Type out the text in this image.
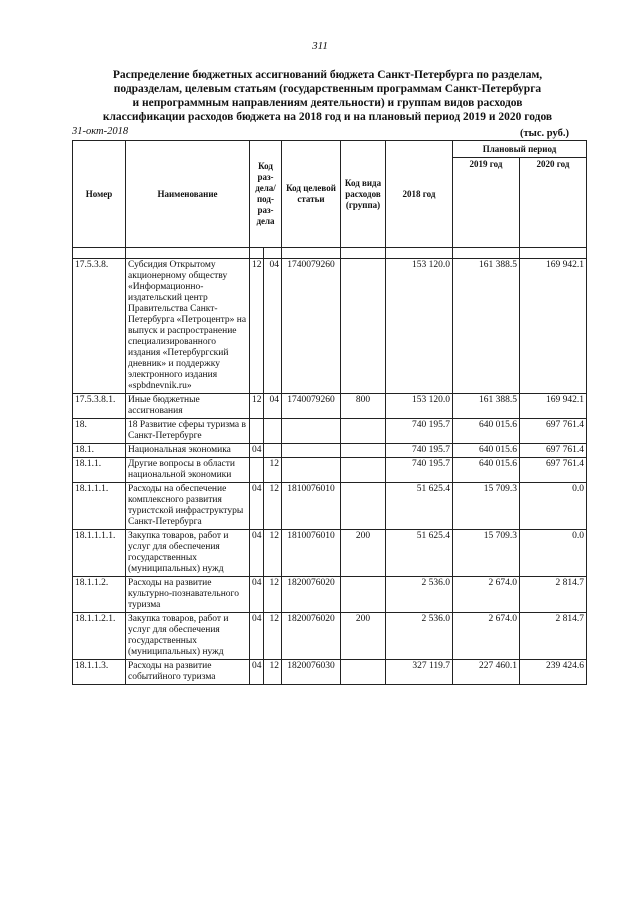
311
Распределение бюджетных ассигнований бюджета Санкт-Петербурга по разделам,
подразделам, целевым статьям (государственным программам Санкт-Петербурга
и непрограммным направлениям деятельности) и группам видов расходов
классификации расходов бюджета на 2018 год и на плановый период 2019 и 2020 годов
31-окт-2018	(тыс. руб.)
Номер	Наименование	Код раз-дела/ под-раз-дела		Код целевой статьи	Код вида расходов (группа)	2018 год	Плановый период	
							2019 год	2020 год

17.5.3.8.	Субсидия Открытому акционерному обществу «Информационно-издательский центр Правительства Санкт-Петербурга «Петроцентр» на выпуск и распространение специализированного издания «Петербургский дневник» и поддержку электронного издания «spbdnevnik.ru»	12	04	1740079260		153 120.0	161 388.5	169 942.1
17.5.3.8.1.	Иные бюджетные ассигнования	12	04	1740079260	800	153 120.0	161 388.5	169 942.1
18.	18 Развитие сферы туризма в Санкт-Петербурге					740 195.7	640 015.6	697 761.4
18.1.	Национальная экономика	04				740 195.7	640 015.6	697 761.4
18.1.1.	Другие вопросы в области национальной экономики		12			740 195.7	640 015.6	697 761.4
18.1.1.1.	Расходы на обеспечение комплексного развития туристской инфраструктуры Санкт-Петербурга	04	12	1810076010		51 625.4	15 709.3	0.0
18.1.1.1.1.	Закупка товаров, работ и услуг для обеспечения государственных (муниципальных) нужд	04	12	1810076010	200	51 625.4	15 709.3	0.0
18.1.1.2.	Расходы на развитие культурно-познавательного туризма	04	12	1820076020		2 536.0	2 674.0	2 814.7
18.1.1.2.1.	Закупка товаров, работ и услуг для обеспечения государственных (муниципальных) нужд	04	12	1820076020	200	2 536.0	2 674.0	2 814.7
18.1.1.3.	Расходы на развитие событийного туризма	04	12	1820076030		327 119.7	227 460.1	239 424.6
